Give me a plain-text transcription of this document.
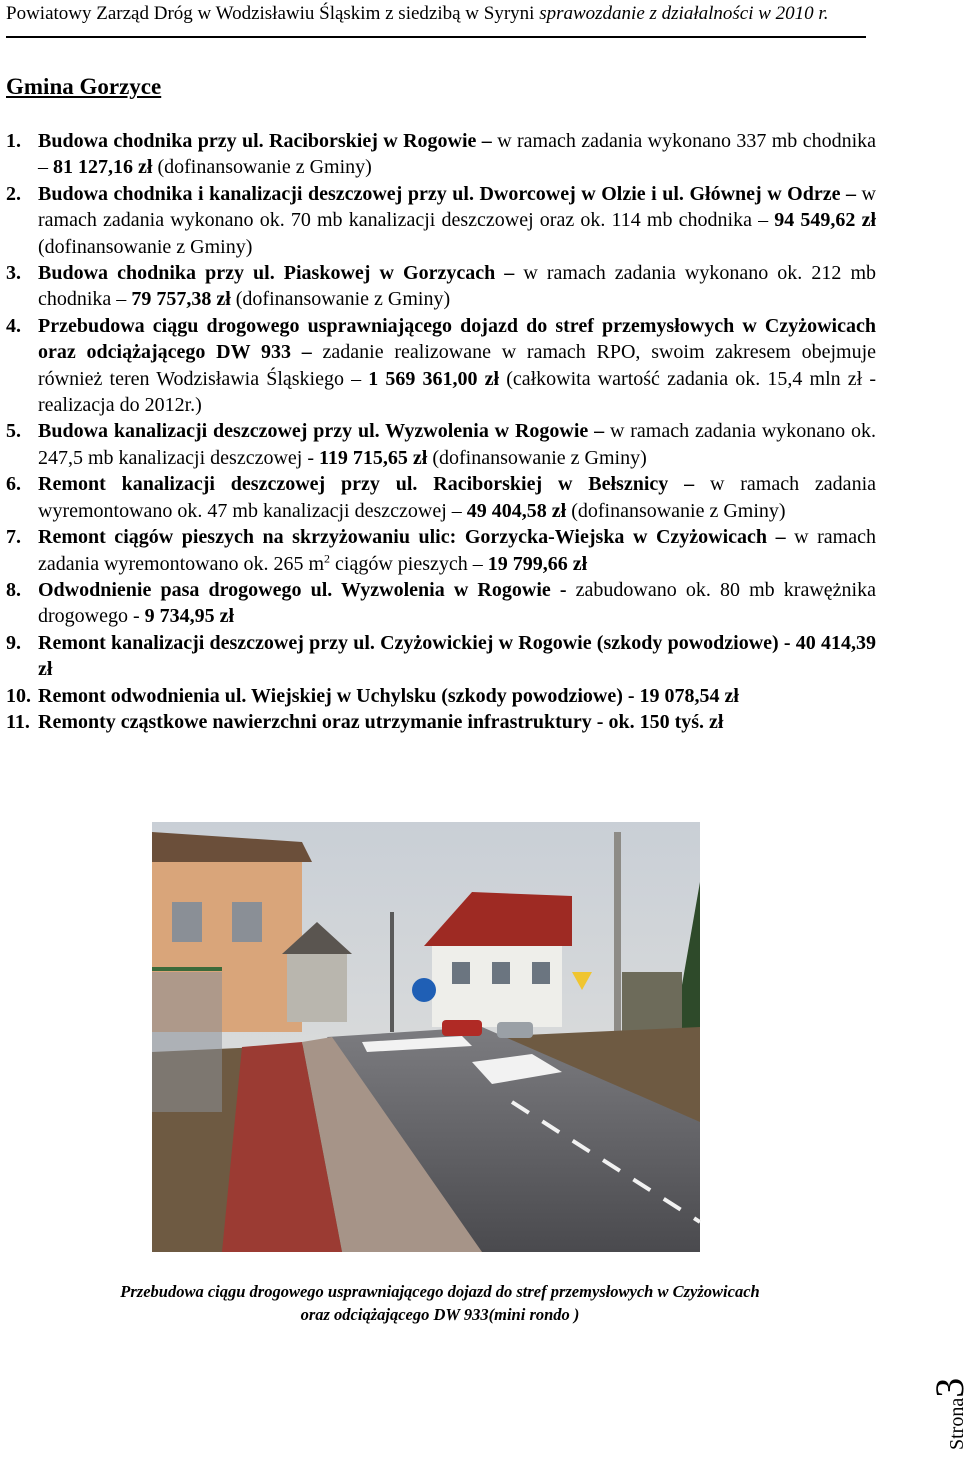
Powiatowy Zarząd Dróg w Wodzisławiu Śląskim z siedzibą w Syryni sprawozdanie z działalności w 2010 r.
Gmina Gorzyce
1. Budowa chodnika przy ul. Raciborskiej w Rogowie – w ramach zadania wykonano 337 mb chodnika – 81 127,16 zł (dofinansowanie z Gminy)
2. Budowa chodnika i kanalizacji deszczowej przy ul. Dworcowej w Olzie i ul. Głównej w Odrze – w ramach zadania wykonano ok. 70 mb kanalizacji deszczowej oraz ok. 114 mb chodnika – 94 549,62 zł (dofinansowanie z Gminy)
3. Budowa chodnika przy ul. Piaskowej w Gorzycach – w ramach zadania wykonano ok. 212 mb chodnika – 79 757,38 zł (dofinansowanie z Gminy)
4. Przebudowa ciągu drogowego usprawniającego dojazd do stref przemysłowych w Czyżowicach oraz odciążającego DW 933 – zadanie realizowane w ramach RPO, swoim zakresem obejmuje również teren Wodzisławia Śląskiego – 1 569 361,00 zł (całkowita wartość zadania ok. 15,4 mln zł - realizacja do 2012r.)
5. Budowa kanalizacji deszczowej przy ul. Wyzwolenia w Rogowie – w ramach zadania wykonano ok. 247,5 mb kanalizacji deszczowej - 119 715,65 zł (dofinansowanie z Gminy)
6. Remont kanalizacji deszczowej przy ul. Raciborskiej w Bełsznicy – w ramach zadania wyremontowano ok. 47 mb kanalizacji deszczowej – 49 404,58 zł (dofinansowanie z Gminy)
7. Remont ciągów pieszych na skrzyżowaniu ulic: Gorzycka-Wiejska w Czyżowicach – w ramach zadania wyremontowano ok. 265 $m^2$ ciągów pieszych – 19 799,66 zł
8. Odwodnienie pasa drogowego ul. Wyzwolenia w Rogowie - zabudowano ok. 80 mb krawężnika drogowego - 9 734,95 zł
9. Remont kanalizacji deszczowej przy ul. Czyżowickiej w Rogowie (szkody powodziowe) - 40 414,39 zł
10. Remont odwodnienia ul. Wiejskiej w Uchylsku (szkody powodziowe) - 19 078,54 zł
11. Remonty cząstkowe nawierzchni oraz utrzymanie infrastruktury - ok. 150 tyś. zł
Przebudowa ciągu drogowego usprawniającego dojazd do stref przemysłowych w Czyżowicach
oraz odciążającego DW 933(mini rondo )
Strona3
